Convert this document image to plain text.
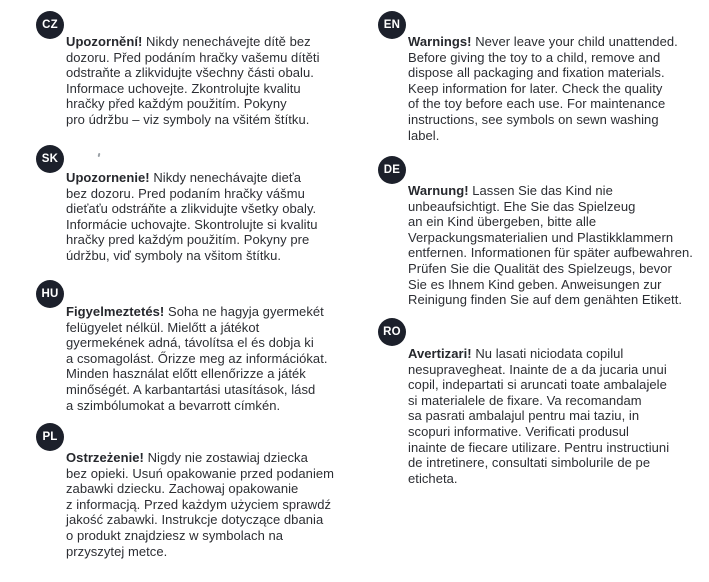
CZ
Upozornění! Nikdy nenechávejte dítě bez
dozoru. Před podáním hračky vašemu dítěti
odstraňte a zlikvidujte všechny části obalu.
Informace uchovejte. Zkontrolujte kvalitu
hračky před každým použitím. Pokyny
pro údržbu – viz symboly na všitém štítku.
SK
Upozornenie! Nikdy nenechávajte dieťa
bez dozoru. Pred podaním hračky vášmu
dieťaťu odstráňte a zlikvidujte všetky obaly.
Informácie uchovajte. Skontrolujte si kvalitu
hračky pred každým použitím. Pokyny pre
údržbu, viď symboly na všitom štítku.
HU
Figyelmeztetés! Soha ne hagyja gyermekét
felügyelet nélkül. Mielőtt a játékot
gyermekének adná, távolítsa el és dobja ki
a csomagolást. Őrizze meg az információkat.
Minden használat előtt ellenőrizze a játék
minőségét. A karbantartási utasítások, lásd
a szimbólumokat a bevarrott címkén.
PL
Ostrzeżenie! Nigdy nie zostawiaj dziecka
bez opieki. Usuń opakowanie przed podaniem
zabawki dziecku. Zachowaj opakowanie
z informacją. Przed każdym użyciem sprawdź
jakość zabawki. Instrukcje dotyczące dbania
o produkt znajdziesz w symbolach na
przyszytej metce.
EN
Warnings! Never leave your child unattended.
Before giving the toy to a child, remove and
dispose all packaging and fixation materials.
Keep information for later. Check the quality
of the toy before each use. For maintenance
instructions, see symbols on sewn washing
label.
DE
Warnung! Lassen Sie das Kind nie
unbeaufsichtigt. Ehe Sie das Spielzeug
an ein Kind übergeben, bitte alle
Verpackungsmaterialien und Plastikklammern
entfernen. Informationen für später aufbewahren.
Prüfen Sie die Qualität des Spielzeugs, bevor
Sie es Ihnem Kind geben. Anweisungen zur
Reinigung finden Sie auf dem genähten Etikett.
RO
Avertizari! Nu lasati niciodata copilul
nesupravegheat. Inainte de a da jucaria unui
copil, indepartati si aruncati toate ambalajele
si materialele de fixare. Va recomandam
sa pasrati ambalajul pentru mai taziu, in
scopuri informative. Verificati produsul
inainte de fiecare utilizare. Pentru instructiuni
de intretinere, consultati simbolurile de pe
eticheta.
